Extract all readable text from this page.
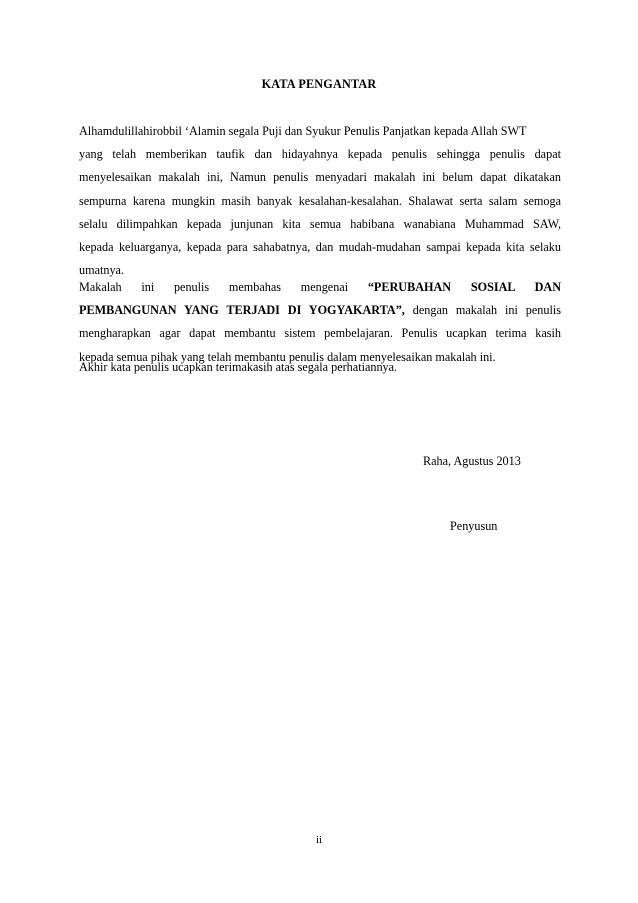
KATA PENGANTAR
Alhamdulillahirobbil ‘Alamin segala Puji dan Syukur Penulis Panjatkan kepada Allah SWT
yang telah memberikan taufik dan hidayahnya kepada penulis sehingga penulis dapat
menyelesaikan makalah ini, Namun penulis menyadari makalah ini belum dapat dikatakan
sempurna karena mungkin masih banyak kesalahan-kesalahan. Shalawat serta salam semoga
selalu dilimpahkan kepada junjunan kita semua habibana wanabiana Muhammad SAW,
kepada keluarganya, kepada para sahabatnya, dan mudah-mudahan sampai kepada kita selaku
umatnya.
Makalah ini penulis membahas mengenai “PERUBAHAN SOSIAL DAN
PEMBANGUNAN YANG TERJADI DI YOGYAKARTA”, dengan makalah ini penulis
mengharapkan agar dapat membantu sistem pembelajaran. Penulis ucapkan terima kasih
kepada semua pihak yang telah membantu penulis dalam menyelesaikan makalah ini.
Akhir kata penulis ucapkan terimakasih atas segala perhatiannya.
Raha, Agustus 2013
Penyusun
ii
